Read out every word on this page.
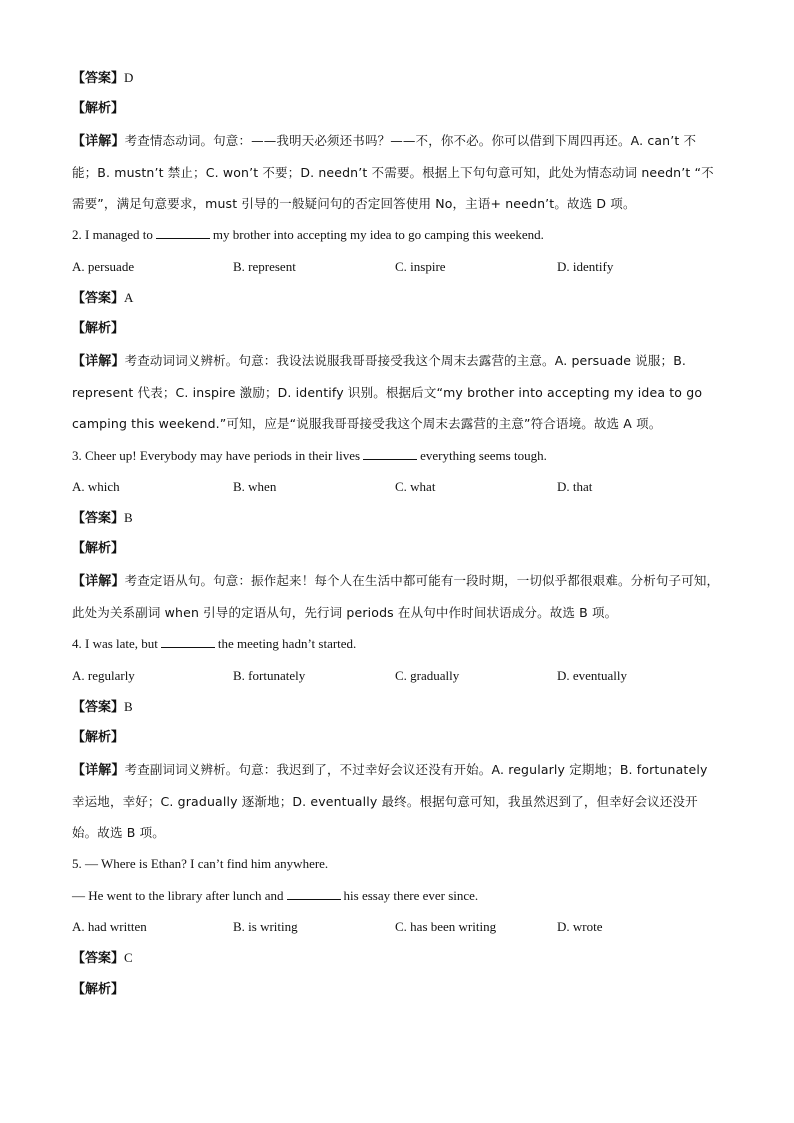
【答案】D
【解析】
【详解】考查情态动词。句意：——我明天必须还书吗？——不，你不必。你可以借到下周四再还。A. can’t 不能；B. mustn’t 禁止；C. won’t 不要；D. needn’t 不需要。根据上下句句意可知，此处为情态动词 needn’t “不需要”，满足句意要求，must 引导的一般疑问句的否定回答使用 No，主语+ needn’t。故选 D 项。
2. I managed to	my brother into accepting my idea to go camping this weekend.
A. persuade	B. represent	C. inspire	D. identify
【答案】A
【解析】
【详解】考查动词词义辨析。句意：我设法说服我哥哥接受我这个周末去露营的主意。A. persuade 说服；B. represent 代表；C. inspire 激励；D. identify 识别。根据后文“my brother into accepting my idea to go camping this weekend.”可知，应是“说服我哥哥接受我这个周末去露营的主意”符合语境。故选 A 项。
3. Cheer up! Everybody may have periods in their lives	everything seems tough.
A. which	B. when	C. what	D. that
【答案】B
【解析】
【详解】考查定语从句。句意：振作起来！每个人在生活中都可能有一段时期，一切似乎都很艰难。分析句子可知，此处为关系副词 when 引导的定语从句，先行词 periods 在从句中作时间状语成分。故选 B 项。
4. I was late, but	the meeting hadn’t started.
A. regularly	B. fortunately	C. gradually	D. eventually
【答案】B
【解析】
【详解】考查副词词义辨析。句意：我迟到了，不过幸好会议还没有开始。A. regularly 定期地；B. fortunately 幸运地，幸好；C. gradually 逐渐地；D. eventually 最终。根据句意可知，我虽然迟到了，但幸好会议还没开始。故选 B 项。
5. — Where is Ethan? I can’t find him anywhere.
— He went to the library after lunch and	his essay there ever since.
A. had written	B. is writing	C. has been writing	D. wrote
【答案】C
【解析】
